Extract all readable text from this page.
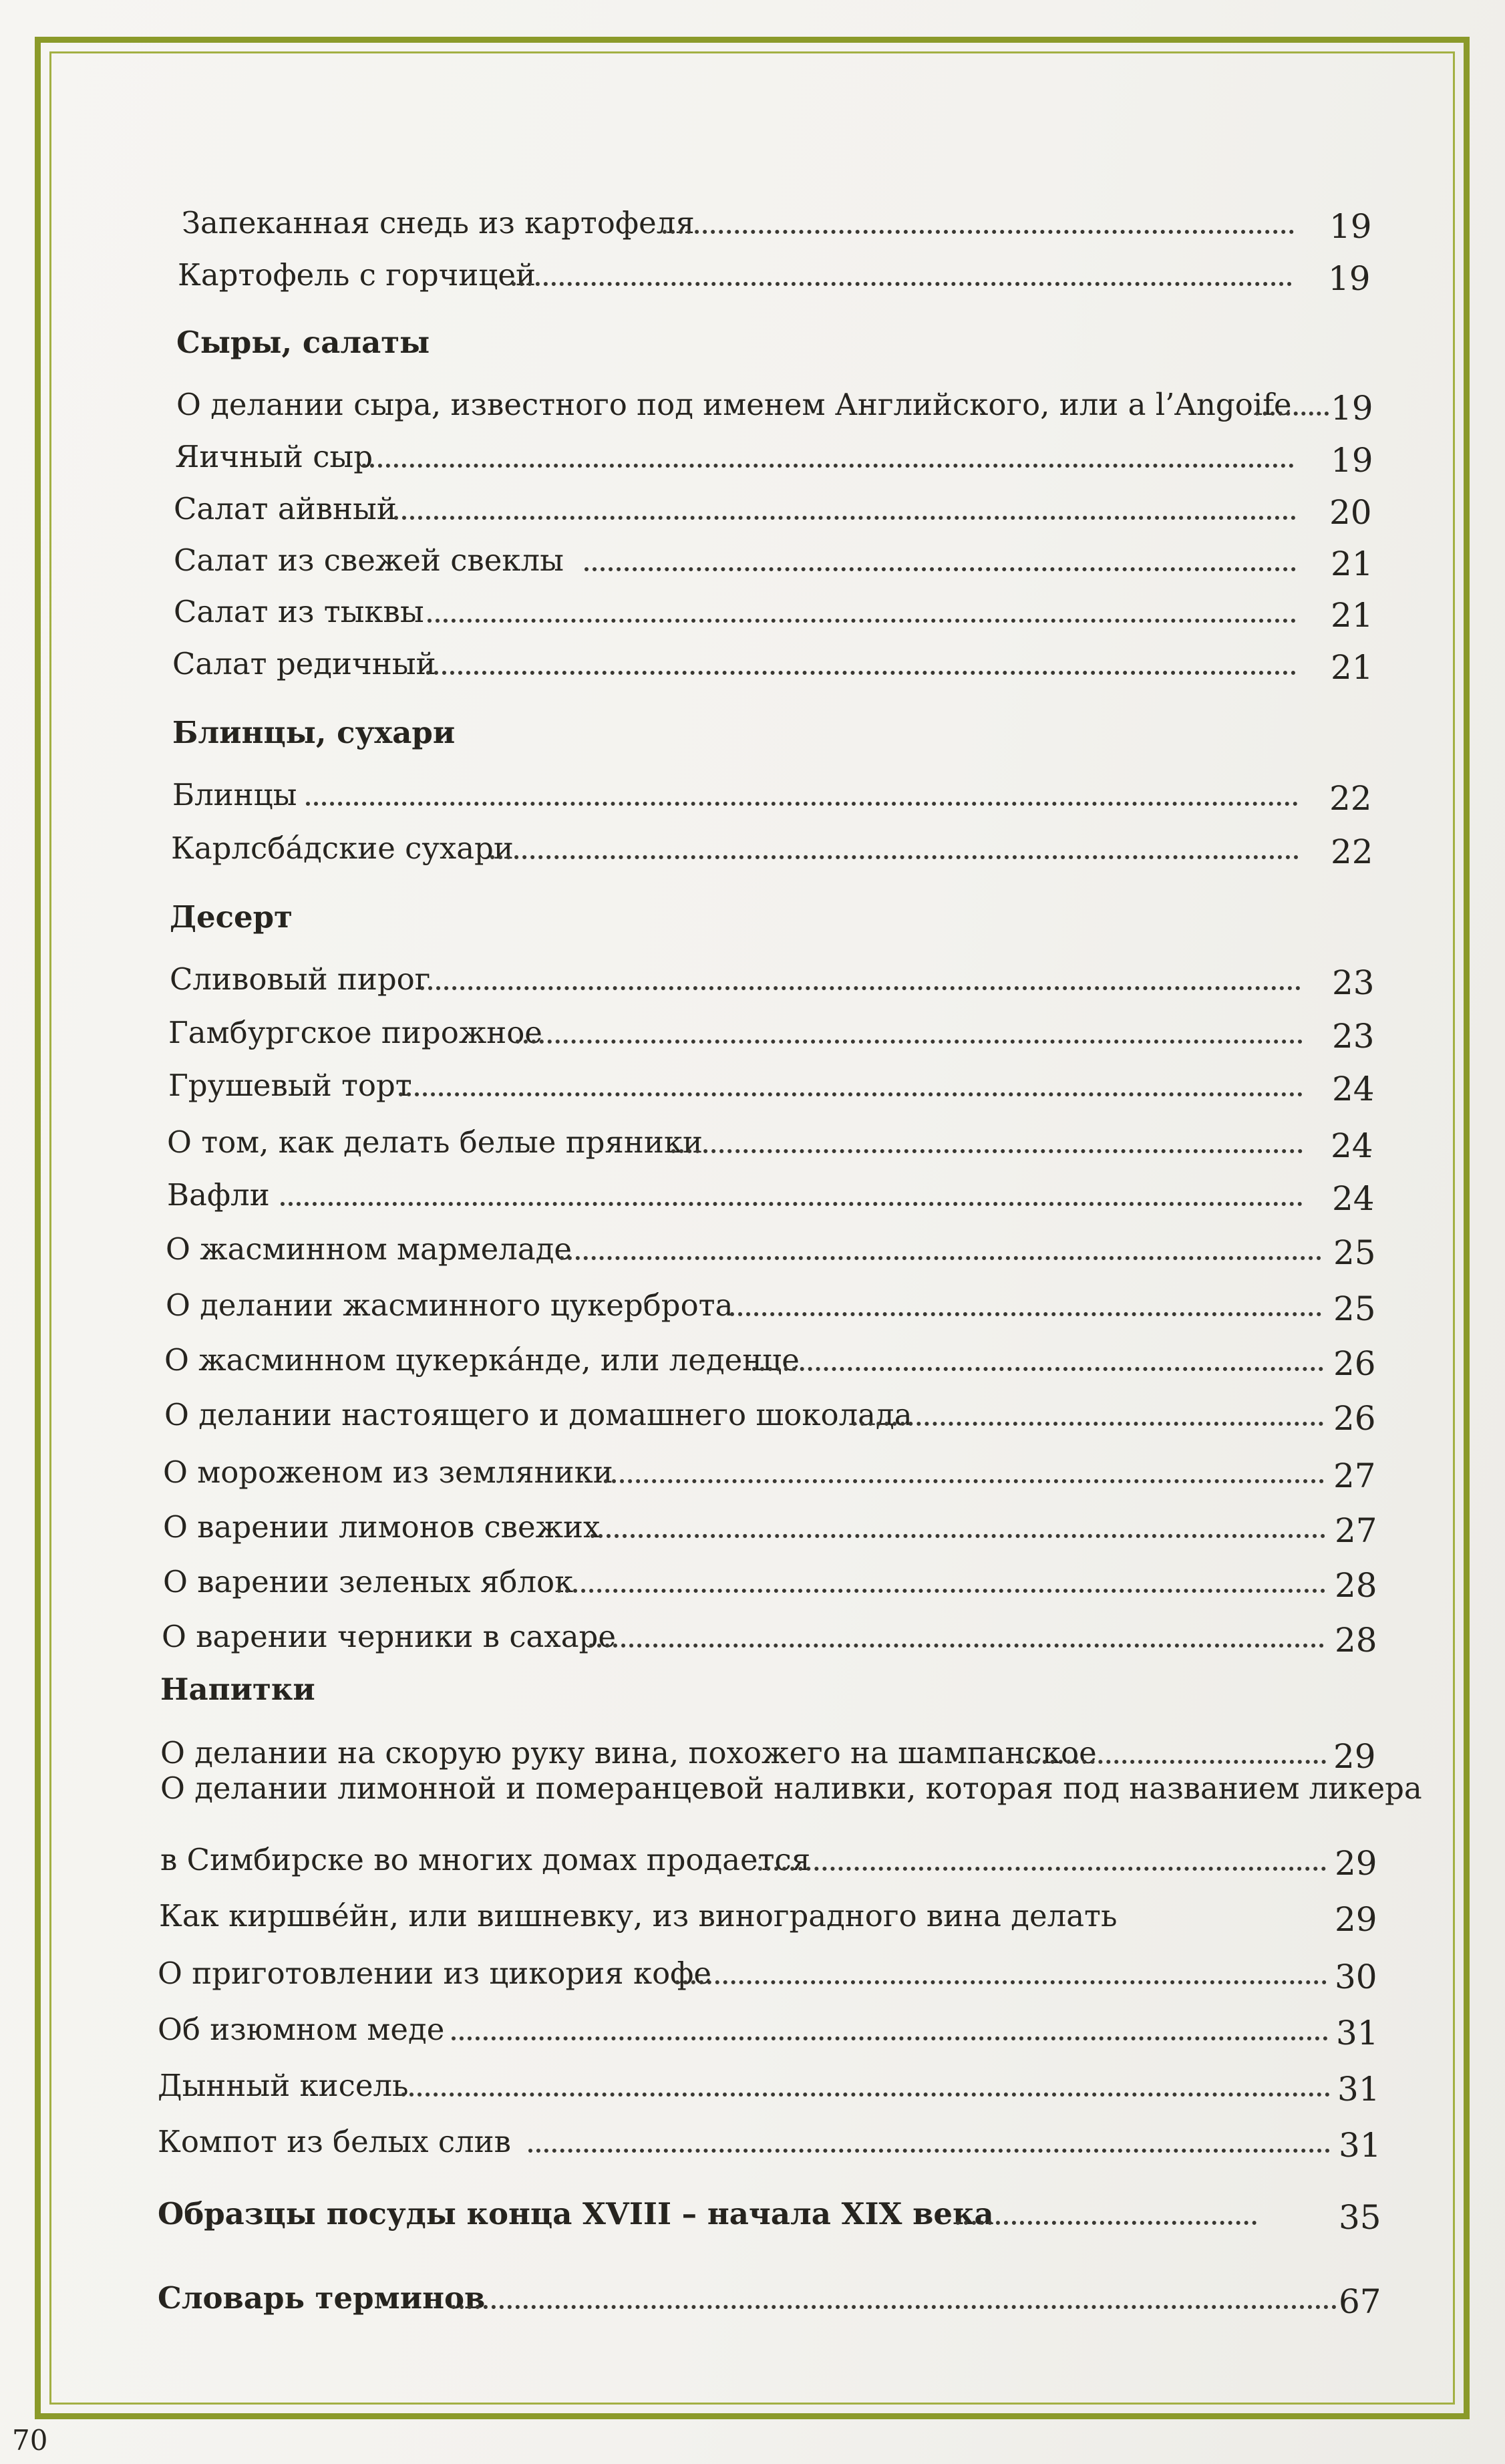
Запеканная снедь из картофеля	19
Картофель с горчицей	19
Сыры, салаты
О делании сыра, известного под именем Английского, или a l’Angoife 19
Яичный сыр	19
Салат айвный	20
Салат из свежей свеклы	21
Салат из тыквы	21
Салат редичный	21
Блинцы, сухари
Блинцы	22
Карлсба́дские сухари	22
Десерт
Сливовый пирог	23
Гамбургское пирожное	23
Грушевый торт	24
О том, как делать белые пряники	24
Вафли	24
О жасминном мармеладе	25
О делании жасминного цукерброта	25
О жасминном цукерка́нде, или леденце	26
О делании настоящего и домашнего шоколада	26
О мороженом из земляники	27
О варении лимонов свежих	27
О варении зеленых яблок	28
О варении черники в сахаре	28
Напитки
О делании на скорую руку вина, похожего на шампанское	29
О делании лимонной и померанцевой наливки, которая под названием ликера
в Симбирске во многих домах продается	29
Как киршве́йн, или вишневку, из виноградного вина делать	29
О приготовлении из цикория кофе	30
Об изюмном меде	31
Дынный кисель	31
Компот из белых слив	31
Образцы посуды конца XVIII – начала XIX века	35
Словарь терминов	67
70
